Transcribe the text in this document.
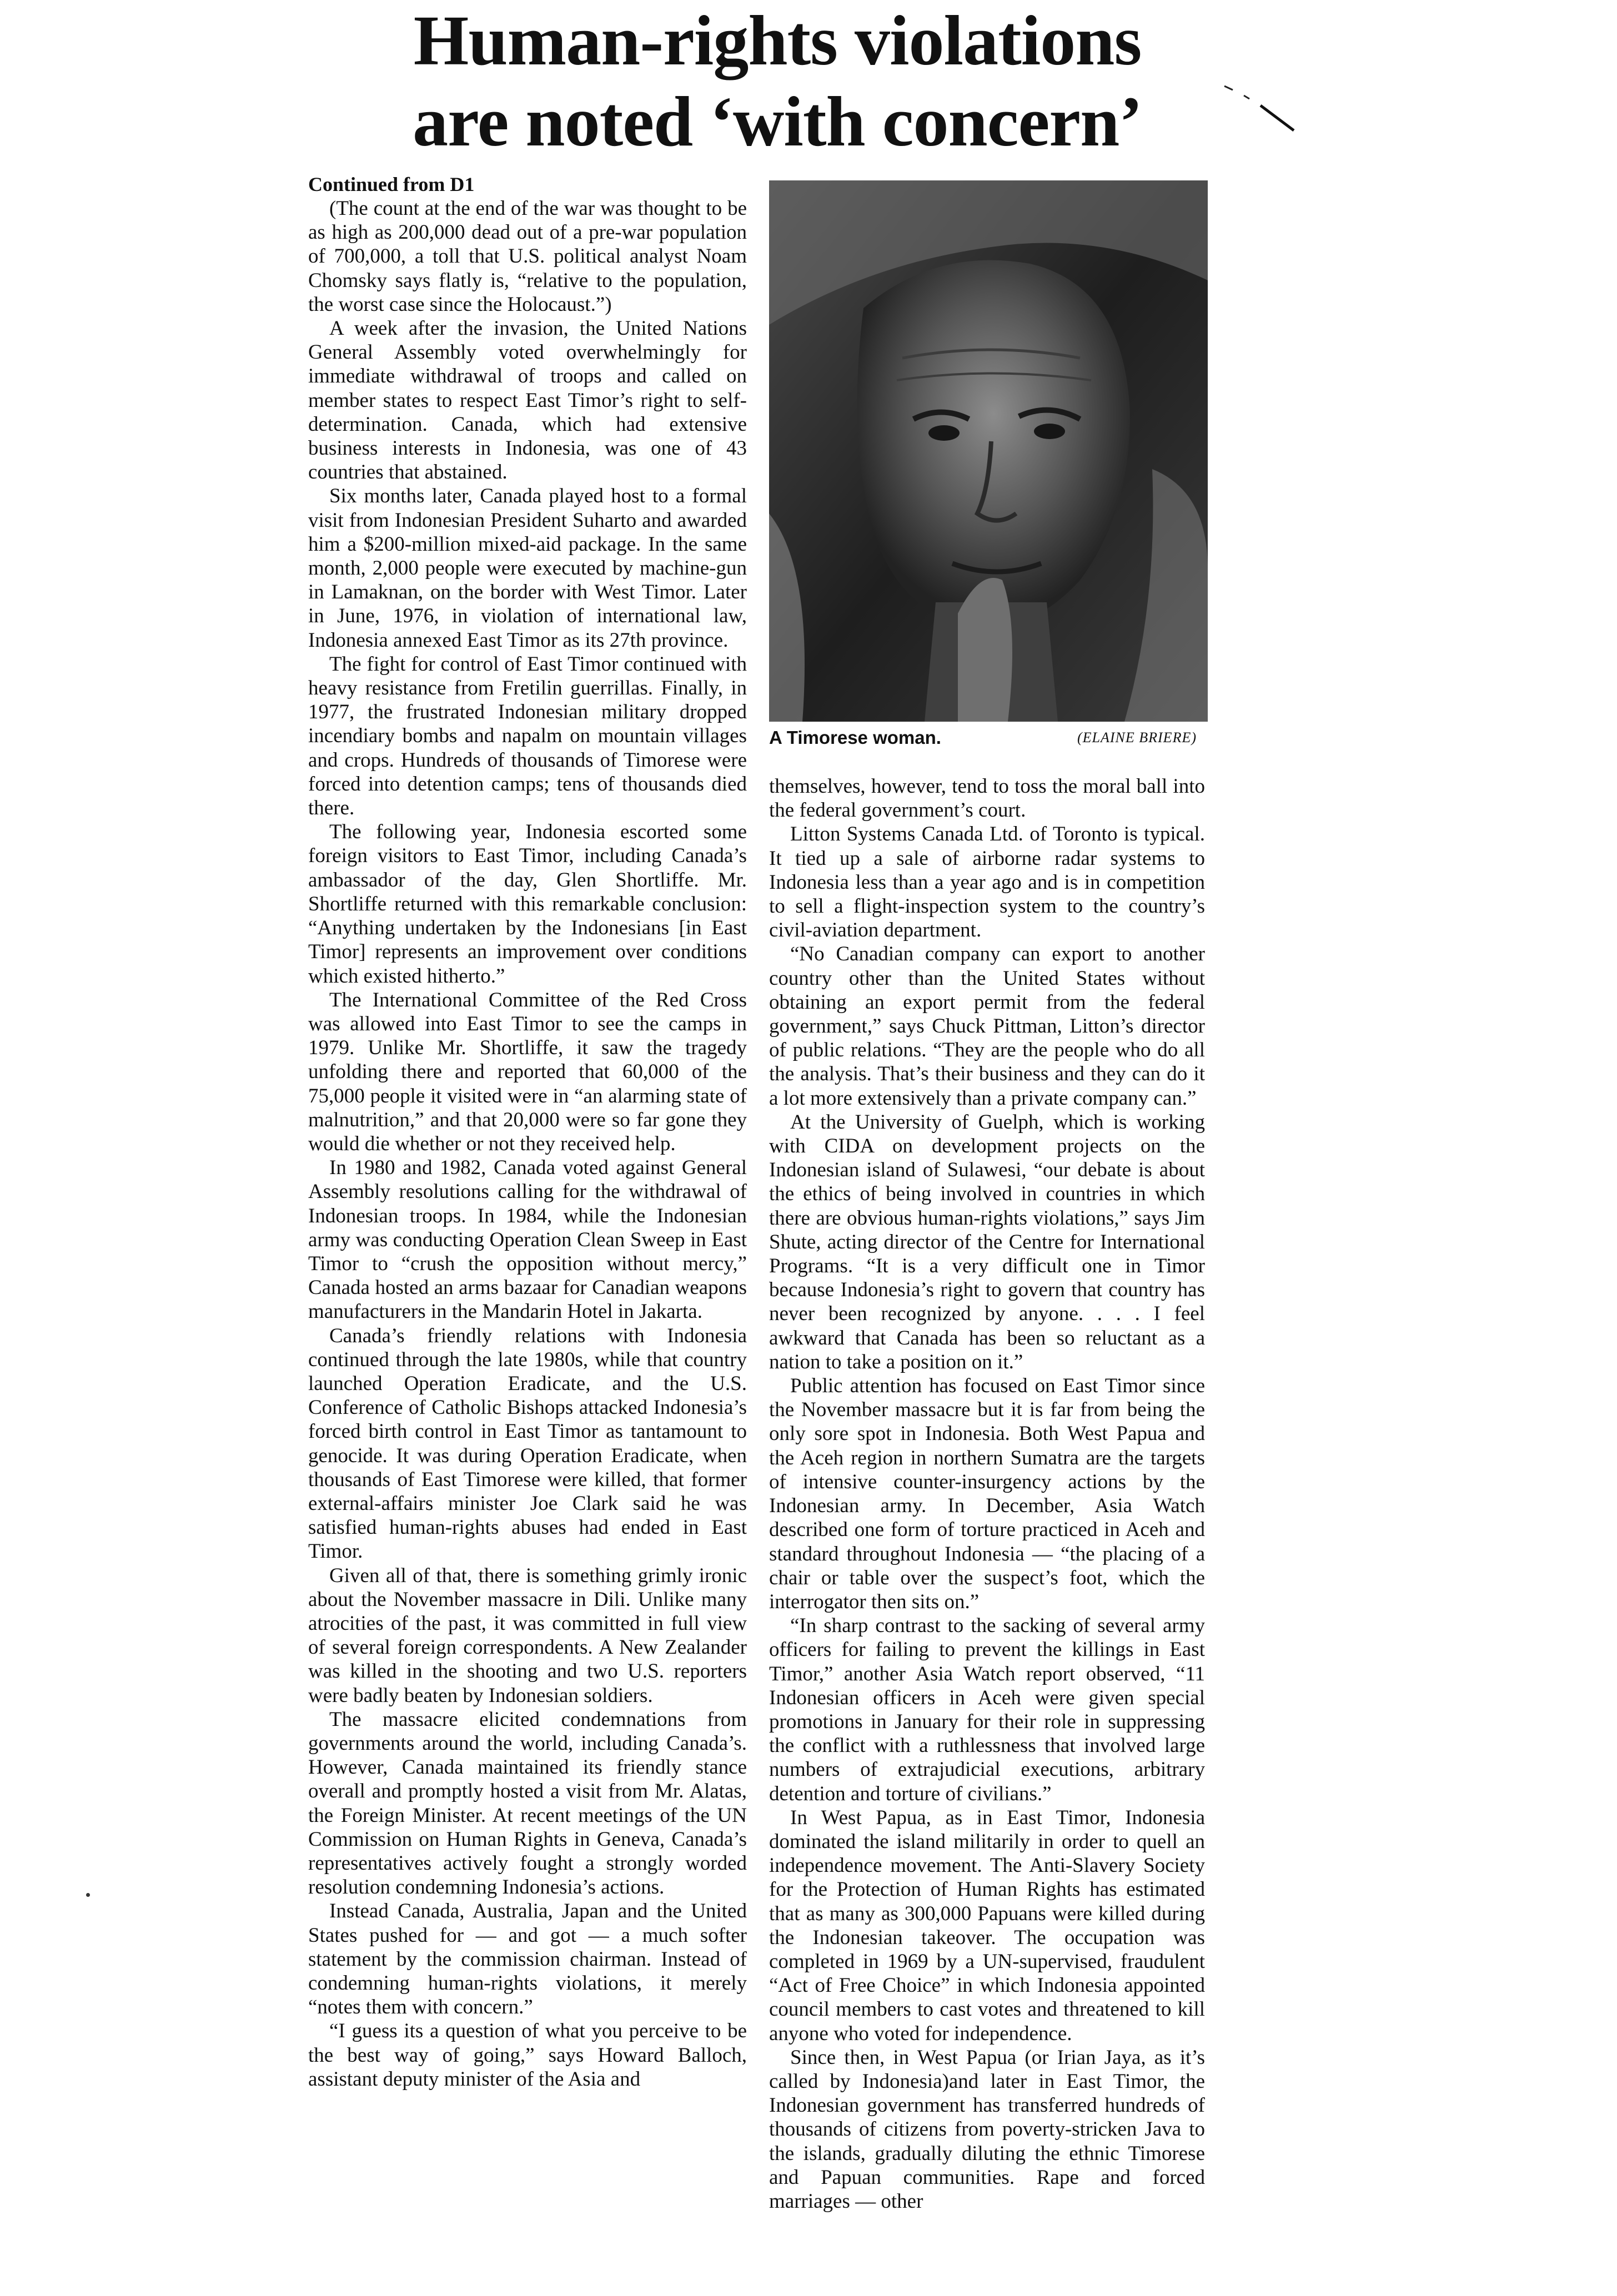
Human-rights violations
are noted ‘with concern’

Continued from D1

(The count at the end of the war was thought to be as high as 200,000 dead out of a pre-war population of 700,000, a toll that U.S. political analyst Noam Chomsky says flatly is, “relative to the population, the worst case since the Holocaust.”)

A week after the invasion, the United Nations General Assembly voted overwhelmingly for immediate withdrawal of troops and called on member states to respect East Timor’s right to self-determination. Canada, which had extensive business interests in Indonesia, was one of 43 countries that abstained.

Six months later, Canada played host to a formal visit from Indonesian President Suharto and awarded him a $200-million mixed-aid package. In the same month, 2,000 people were executed by machine-gun in Lamaknan, on the border with West Timor. Later in June, 1976, in violation of international law, Indonesia annexed East Timor as its 27th province.

The fight for control of East Timor continued with heavy resistance from Fretilin guerrillas. Finally, in 1977, the frustrated Indonesian military dropped incendiary bombs and napalm on mountain villages and crops. Hundreds of thousands of Timorese were forced into detention camps; tens of thousands died there.

The following year, Indonesia escorted some foreign visitors to East Timor, including Canada’s ambassador of the day, Glen Shortliffe. Mr. Shortliffe returned with this remarkable conclusion: “Anything undertaken by the Indonesians [in East Timor] represents an improvement over conditions which existed hitherto.”

The International Committee of the Red Cross was allowed into East Timor to see the camps in 1979. Unlike Mr. Shortliffe, it saw the tragedy unfolding there and reported that 60,000 of the 75,000 people it visited were in “an alarming state of malnutrition,” and that 20,000 were so far gone they would die whether or not they received help.

In 1980 and 1982, Canada voted against General Assembly resolutions calling for the withdrawal of Indonesian troops. In 1984, while the Indonesian army was conducting Operation Clean Sweep in East Timor to “crush the opposition without mercy,” Canada hosted an arms bazaar for Canadian weapons manufacturers in the Mandarin Hotel in Jakarta.

Canada’s friendly relations with Indonesia continued through the late 1980s, while that country launched Operation Eradicate, and the U.S. Conference of Catholic Bishops attacked Indonesia’s forced birth control in East Timor as tantamount to genocide. It was during Operation Eradicate, when thousands of East Timorese were killed, that former external-affairs minister Joe Clark said he was satisfied human-rights abuses had ended in East Timor.

Given all of that, there is something grimly ironic about the November massacre in Dili. Unlike many atrocities of the past, it was committed in full view of several foreign correspondents. A New Zealander was killed in the shooting and two U.S. reporters were badly beaten by Indonesian soldiers.

The massacre elicited condemnations from governments around the world, including Canada’s. However, Canada maintained its friendly stance overall and promptly hosted a visit from Mr. Alatas, the Foreign Minister. At recent meetings of the UN Commission on Human Rights in Geneva, Canada’s representatives actively fought a strongly worded resolution condemning Indonesia’s actions.

Instead Canada, Australia, Japan and the United States pushed for — and got — a much softer statement by the commission chairman. Instead of condemning human-rights violations, it merely “notes them with concern.”

“I guess its a question of what you perceive to be the best way of going,” says Howard Balloch, assistant deputy minister of the Asia and

A Timorese woman.	(ELAINE BRIERE)

themselves, however, tend to toss the moral ball into the federal government’s court.

Litton Systems Canada Ltd. of Toronto is typical. It tied up a sale of airborne radar systems to Indonesia less than a year ago and is in competition to sell a flight-inspection system to the country’s civil-aviation department.

“No Canadian company can export to another country other than the United States without obtaining an export permit from the federal government,” says Chuck Pittman, Litton’s director of public relations. “They are the people who do all the analysis. That’s their business and they can do it a lot more extensively than a private company can.”

At the University of Guelph, which is working with CIDA on development projects on the Indonesian island of Sulawesi, “our debate is about the ethics of being involved in countries in which there are obvious human-rights violations,” says Jim Shute, acting director of the Centre for International Programs. “It is a very difficult one in Timor because Indonesia’s right to govern that country has never been recognized by anyone. . . . I feel awkward that Canada has been so reluctant as a nation to take a position on it.”

Public attention has focused on East Timor since the November massacre but it is far from being the only sore spot in Indonesia. Both West Papua and the Aceh region in northern Sumatra are the targets of intensive counter-insurgency actions by the Indonesian army. In December, Asia Watch described one form of torture practiced in Aceh and standard throughout Indonesia — “the placing of a chair or table over the suspect’s foot, which the interrogator then sits on.”

“In sharp contrast to the sacking of several army officers for failing to prevent the killings in East Timor,” another Asia Watch report observed, “11 Indonesian officers in Aceh were given special promotions in January for their role in suppressing the conflict with a ruthlessness that involved large numbers of extrajudicial executions, arbitrary detention and torture of civilians.”

In West Papua, as in East Timor, Indonesia dominated the island militarily in order to quell an independence movement. The Anti-Slavery Society for the Protection of Human Rights has estimated that as many as 300,000 Papuans were killed during the Indonesian takeover. The occupation was completed in 1969 by a UN-supervised, fraudulent “Act of Free Choice” in which Indonesia appointed council members to cast votes and threatened to kill anyone who voted for independence.

Since then, in West Papua (or Irian Jaya, as it’s called by Indonesia)and later in East Timor, the Indonesian government has transferred hundreds of thousands of citizens from poverty-stricken Java to the islands, gradually diluting the ethnic Timorese and Papuan communities. Rape and forced marriages — other
